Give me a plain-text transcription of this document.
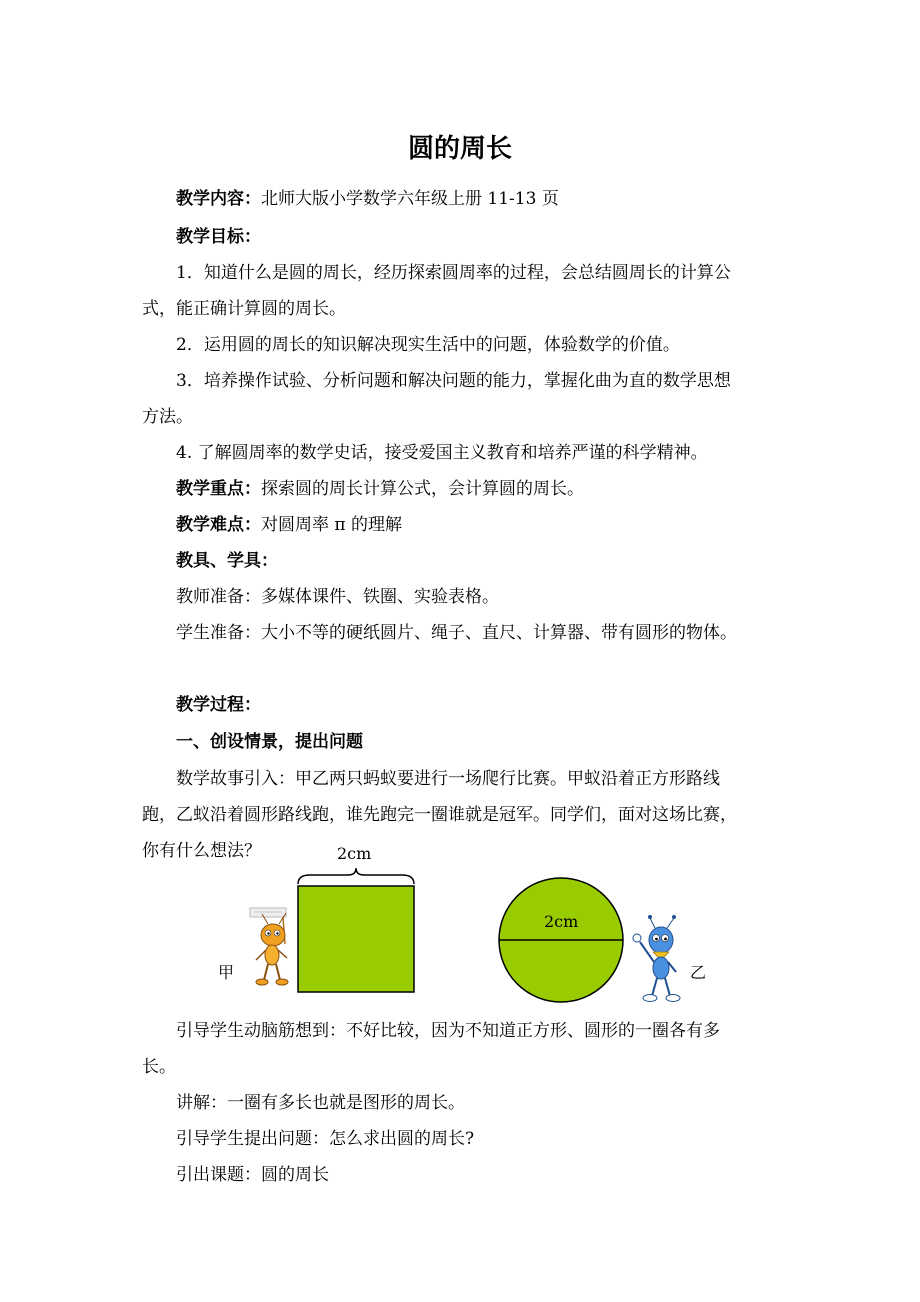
圆的周长
教学内容：北师大版小学数学六年级上册 11-13 页
教学目标：
1．知道什么是圆的周长，经历探索圆周率的过程，会总结圆周长的计算公
式，能正确计算圆的周长。
2．运用圆的周长的知识解决现实生活中的问题，体验数学的价值。
3．培养操作试验、分析问题和解决问题的能力，掌握化曲为直的数学思想
方法。
4. 了解圆周率的数学史话，接受爱国主义教育和培养严谨的科学精神。
教学重点：探索圆的周长计算公式，会计算圆的周长。
教学难点：对圆周率 π 的理解
教具、学具：
教师准备：多媒体课件、铁圈、实验表格。
学生准备：大小不等的硬纸圆片、绳子、直尺、计算器、带有圆形的物体。
教学过程：
一、创设情景，提出问题
数学故事引入：甲乙两只蚂蚁要进行一场爬行比赛。甲蚁沿着正方形路线
跑，乙蚁沿着圆形路线跑，谁先跑完一圈谁就是冠军。同学们，面对这场比赛，
你有什么想法？	2cm
2cm
甲	乙
引导学生动脑筋想到：不好比较，因为不知道正方形、圆形的一圈各有多
长。
讲解：一圈有多长也就是图形的周长。
引导学生提出问题：怎么求出圆的周长?
引出课题：圆的周长
